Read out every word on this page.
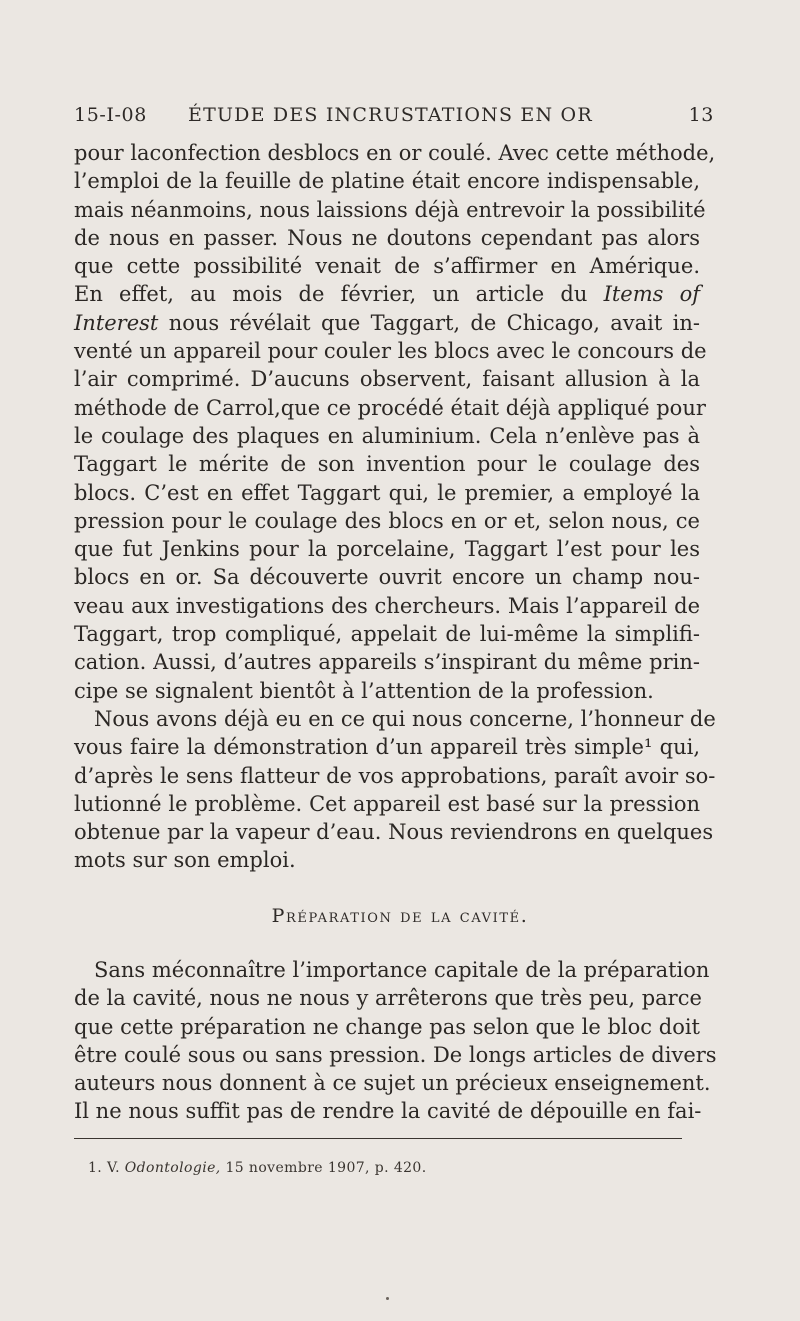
15-I-08 ÉTUDE DES INCRUSTATIONS EN OR	13
pour laconfection desblocs en or coulé. Avec cette méthode,
l’emploi de la feuille de platine était encore indispensable,
mais néanmoins, nous laissions déjà entrevoir la possibilité
de nous en passer. Nous ne doutons cependant pas alors
que cette possibilité venait de s’affirmer en Amérique.
En effet, au mois de février, un article du Items of
Interest nous révélait que Taggart, de Chicago, avait in-
venté un appareil pour couler les blocs avec le concours de
l’air comprimé. D’aucuns observent, faisant allusion à la
méthode de Carrol,que ce procédé était déjà appliqué pour
le coulage des plaques en aluminium. Cela n’enlève pas à
Taggart le mérite de son invention pour le coulage des
blocs. C’est en effet Taggart qui, le premier, a employé la
pression pour le coulage des blocs en or et, selon nous, ce
que fut Jenkins pour la porcelaine, Taggart l’est pour les
blocs en or. Sa découverte ouvrit encore un champ nou-
veau aux investigations des chercheurs. Mais l’appareil de
Taggart, trop compliqué, appelait de lui-même la simplifi-
cation. Aussi, d’autres appareils s’inspirant du même prin-
cipe se signalent bientôt à l’attention de la profession.
Nous avons déjà eu en ce qui nous concerne, l’honneur de
vous faire la démonstration d’un appareil très simple¹ qui,
d’après le sens flatteur de vos approbations, paraît avoir so-
lutionné le problème. Cet appareil est basé sur la pression
obtenue par la vapeur d’eau. Nous reviendrons en quelques
mots sur son emploi.
Préparation de la cavité.
Sans méconnaître l’importance capitale de la préparation
de la cavité, nous ne nous y arrêterons que très peu, parce
que cette préparation ne change pas selon que le bloc doit
être coulé sous ou sans pression. De longs articles de divers
auteurs nous donnent à ce sujet un précieux enseignement.
Il ne nous suffit pas de rendre la cavité de dépouille en fai-
1. V. Odontologie, 15 novembre 1907, p. 420.
